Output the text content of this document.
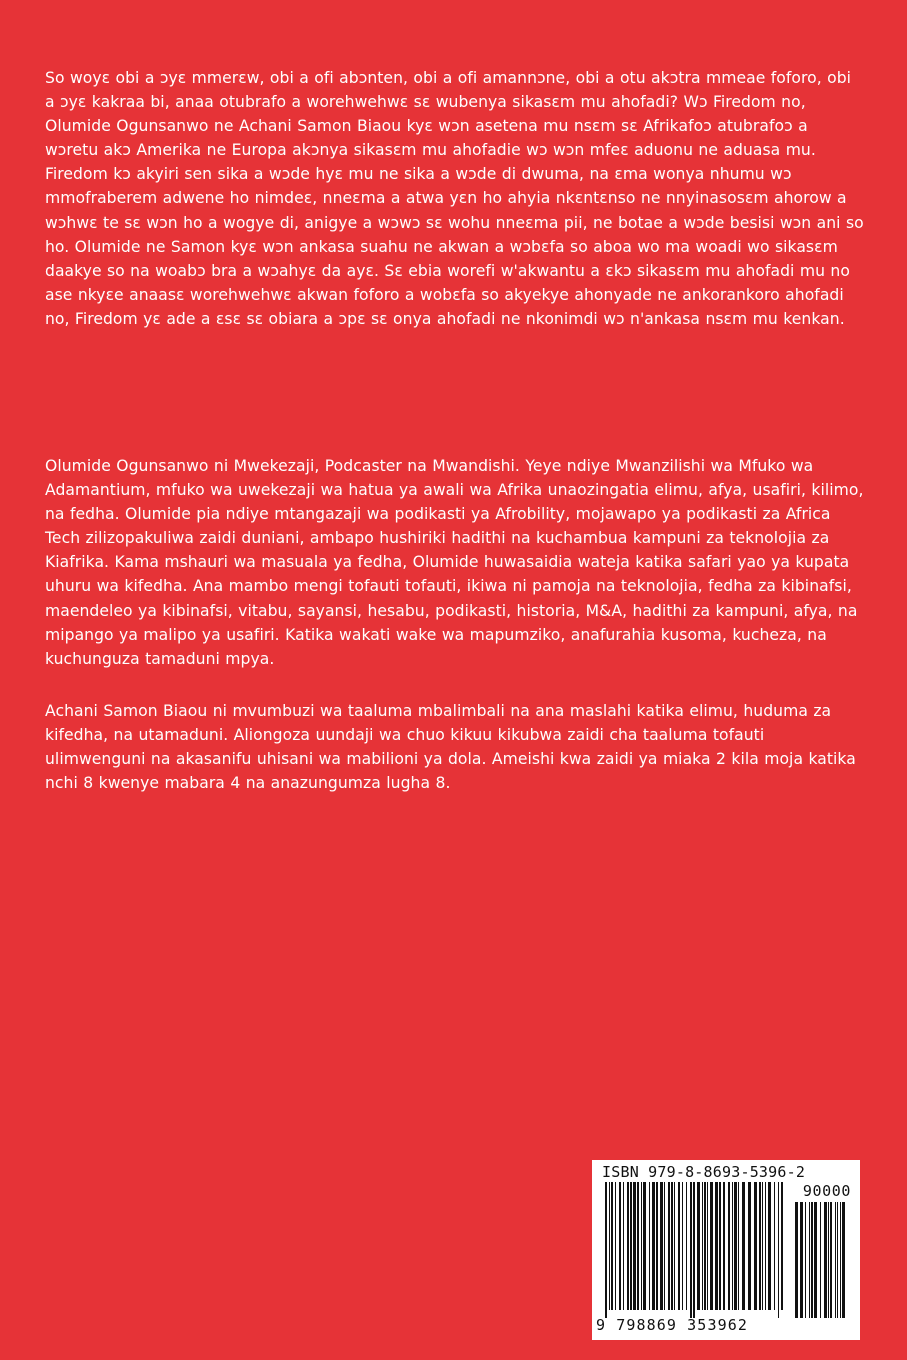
So woyɛ obi a ɔyɛ mmerɛw, obi a ofi abɔnten, obi a ofi amannɔne, obi a otu akɔtra mmeae foforo, obi a ɔyɛ kakraa bi, anaa otubrafo a worehwehwɛ sɛ wubenya sikasɛm mu ahofadi? Wɔ Firedom no, Olumide Ogunsanwo ne Achani Samon Biaou kyɛ wɔn asetena mu nsɛm sɛ Afrikafoɔ atubrafoɔ a wɔretu akɔ Amerika ne Europa akɔnya sikasɛm mu ahofadie wɔ wɔn mfeɛ aduonu ne aduasa mu. Firedom kɔ akyiri sen sika a wɔde hyɛ mu ne sika a wɔde di dwuma, na ɛma wonya nhumu wɔ mmofraberem adwene ho nimdeɛ, nneɛma a atwa yɛn ho ahyia nkɛntɛnso ne nnyinasosɛm ahorow a wɔhwɛ te sɛ wɔn ho a wogye di, anigye a wɔwɔ sɛ wohu nneɛma pii, ne botae a wɔde besisi wɔn ani so ho. Olumide ne Samon kyɛ wɔn ankasa suahu ne akwan a wɔbɛfa so aboa wo ma woadi wo sikasɛm daakye so na woabɔ bra a wɔahyɛ da ayɛ. Sɛ ebia worefi w'akwantu a ɛkɔ sikasɛm mu ahofadi mu no ase nkyɛe anaasɛ worehwehwɛ akwan foforo a wobɛfa so akyekye ahonyade ne ankorankoro ahofadi no, Firedom yɛ ade a ɛsɛ sɛ obiara a ɔpɛ sɛ onya ahofadi ne nkonimdi wɔ n'ankasa nsɛm mu kenkan.

Olumide Ogunsanwo ni Mwekezaji, Podcaster na Mwandishi. Yeye ndiye Mwanzilishi wa Mfuko wa Adamantium, mfuko wa uwekezaji wa hatua ya awali wa Afrika unaozingatia elimu, afya, usafiri, kilimo, na fedha. Olumide pia ndiye mtangazaji wa podikasti ya Afrobility, mojawapo ya podikasti za Africa Tech zilizopakuliwa zaidi duniani, ambapo hushiriki hadithi na kuchambua kampuni za teknolojia za Kiafrika. Kama mshauri wa masuala ya fedha, Olumide huwasaidia wateja katika safari yao ya kupata uhuru wa kifedha. Ana mambo mengi tofauti tofauti, ikiwa ni pamoja na teknolojia, fedha za kibinafsi, maendeleo ya kibinafsi, vitabu, sayansi, hesabu, podikasti, historia, M&A, hadithi za kampuni, afya, na mipango ya malipo ya usafiri. Katika wakati wake wa mapumziko, anafurahia kusoma, kucheza, na kuchunguza tamaduni mpya.

Achani Samon Biaou ni mvumbuzi wa taaluma mbalimbali na ana maslahi katika elimu, huduma za kifedha, na utamaduni. Aliongoza uundaji wa chuo kikuu kikubwa zaidi cha taaluma tofauti ulimwenguni na akasanifu uhisani wa mabilioni ya dola. Ameishi kwa zaidi ya miaka 2 kila moja katika nchi 8 kwenye mabara 4 na anazungumza lugha 8.

ISBN 979-8-8693-5396-2
90000
9 798869 353962
